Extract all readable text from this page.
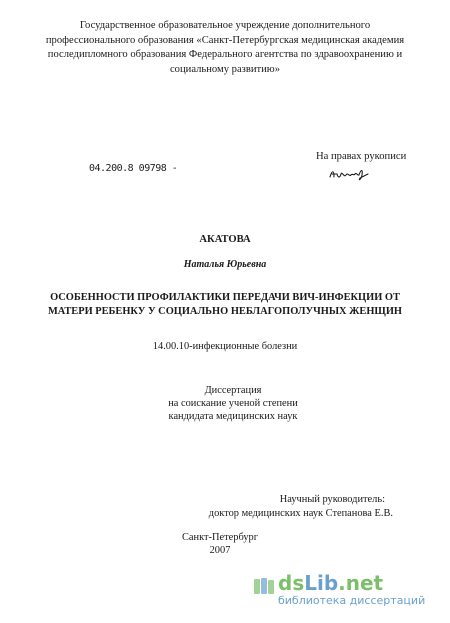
Государственное образовательное учреждение дополнительного
профессионального образования «Санкт-Петербургская медицинская академия
последипломного образования Федерального агентства по здравоохранению и
социальному развитию»
04.200.8 09798 -
На правах рукописи
АКАТОВА
Наталья Юрьевна
ОСОБЕННОСТИ ПРОФИЛАКТИКИ ПЕРЕДАЧИ ВИЧ-ИНФЕКЦИИ ОТ
МАТЕРИ РЕБЕНКУ У СОЦИАЛЬНО НЕБЛАГОПОЛУЧНЫХ ЖЕНЩИН
14.00.10-инфекционные болезни
Диссертация
на соискание ученой степени
кандидата медицинских наук
Научный руководитель:
доктор медицинских наук Степанова Е.В.
Санкт-Петербург
2007
dsLib.net
библиотека диссертаций
